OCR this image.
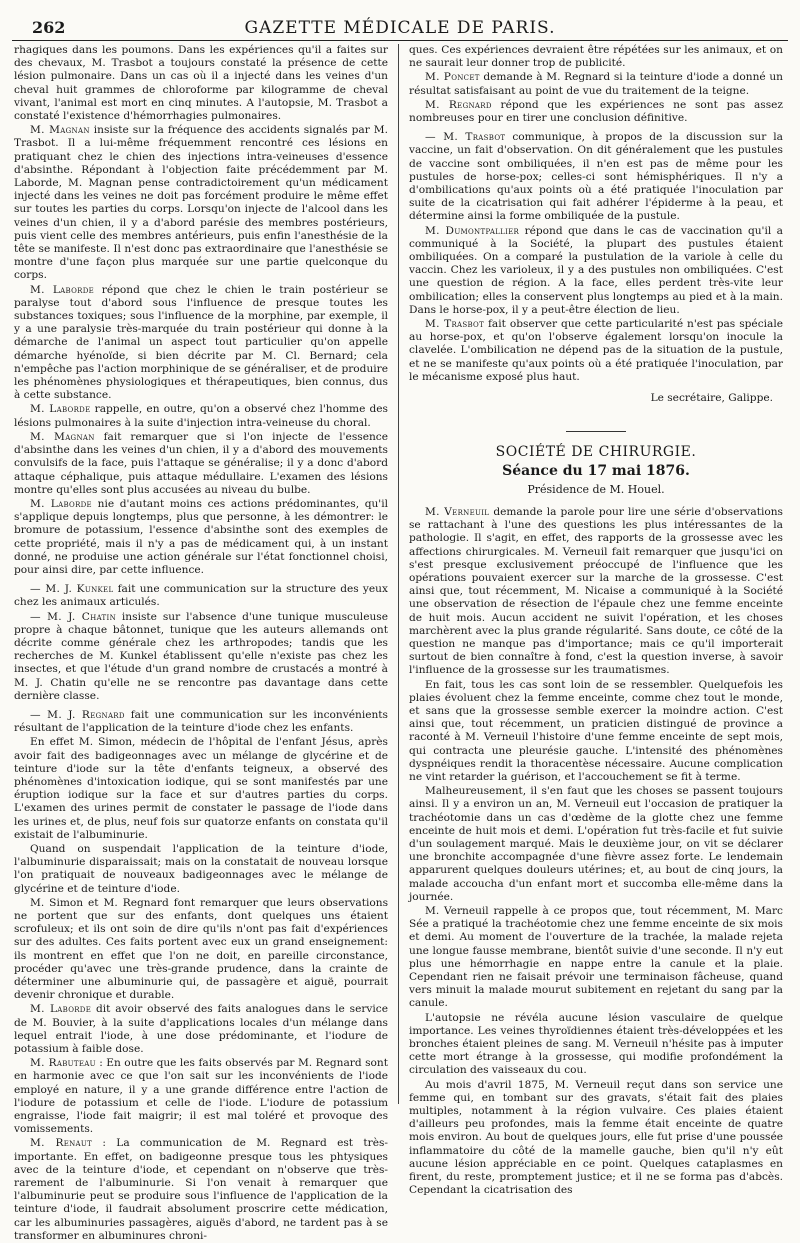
262	GAZETTE MÉDICALE DE PARIS.

rhagiques dans les poumons. Dans les expériences qu'il a faites sur des chevaux, M. Trasbot a toujours constaté la présence de cette lésion pulmonaire. Dans un cas où il a injecté dans les veines d'un cheval huit grammes de chloroforme par kilogramme de cheval vivant, l'animal est mort en cinq minutes. A l'autopsie, M. Trasbot a constaté l'existence d'hémorrhagies pulmonaires.

M. Magnan insiste sur la fréquence des accidents signalés par M. Trasbot. Il a lui-même fréquemment rencontré ces lésions en pratiquant chez le chien des injections intra-veineuses d'essence d'absinthe. Répondant à l'objection faite précédemment par M. Laborde, M. Magnan pense contradictoirement qu'un médicament injecté dans les veines ne doit pas forcément produire le même effet sur toutes les parties du corps. Lorsqu'on injecte de l'alcool dans les veines d'un chien, il y a d'abord parésie des membres postérieurs, puis vient celle des membres antérieurs, puis enfin l'anesthésie de la tête se manifeste. Il n'est donc pas extraordinaire que l'anesthésie se montre d'une façon plus marquée sur une partie quelconque du corps.

M. Laborde répond que chez le chien le train postérieur se paralyse tout d'abord sous l'influence de presque toutes les substances toxiques; sous l'influence de la morphine, par exemple, il y a une paralysie très-marquée du train postérieur qui donne à la démarche de l'animal un aspect tout particulier qu'on appelle démarche hyénoïde, si bien décrite par M. Cl. Bernard; cela n'empêche pas l'action morphinique de se généraliser, et de produire les phénomènes physiologiques et thérapeutiques, bien connus, dus à cette substance.

M. Laborde rappelle, en outre, qu'on a observé chez l'homme des lésions pulmonaires à la suite d'injection intra-veineuse du choral.

M. Magnan fait remarquer que si l'on injecte de l'essence d'absinthe dans les veines d'un chien, il y a d'abord des mouvements convulsifs de la face, puis l'attaque se généralise; il y a donc d'abord attaque céphalique, puis attaque médullaire. L'examen des lésions montre qu'elles sont plus accusées au niveau du bulbe.

M. Laborde nie d'autant moins ces actions prédominantes, qu'il s'applique depuis longtemps, plus que personne, à les démontrer: le bromure de potassium, l'essence d'absinthe sont des exemples de cette propriété, mais il n'y a pas de médicament qui, à un instant donné, ne produise une action générale sur l'état fonctionnel choisi, pour ainsi dire, par cette influence.

— M. J. Kunkel fait une communication sur la structure des yeux chez les animaux articulés.

— M. J. Chatin insiste sur l'absence d'une tunique musculeuse propre à chaque bâtonnet, tunique que les auteurs allemands ont décrite comme générale chez les arthropodes; tandis que les recherches de M. Kunkel établissent qu'elle n'existe pas chez les insectes, et que l'étude d'un grand nombre de crustacés a montré à M. J. Chatin qu'elle ne se rencontre pas davantage dans cette dernière classe.

— M. J. Regnard fait une communication sur les inconvénients résultant de l'application de la teinture d'iode chez les enfants.

En effet M. Simon, médecin de l'hôpital de l'enfant Jésus, après avoir fait des badigeonnages avec un mélange de glycérine et de teinture d'iode sur la tête d'enfants teigneux, a observé des phénomènes d'intoxication iodique, qui se sont manifestés par une éruption iodique sur la face et sur d'autres parties du corps. L'examen des urines permit de constater le passage de l'iode dans les urines et, de plus, neuf fois sur quatorze enfants on constata qu'il existait de l'albuminurie.

Quand on suspendait l'application de la teinture d'iode, l'albuminurie disparaissait; mais on la constatait de nouveau lorsque l'on pratiquait de nouveaux badigeonnages avec le mélange de glycérine et de teinture d'iode.

M. Simon et M. Regnard font remarquer que leurs observations ne portent que sur des enfants, dont quelques uns étaient scrofuleux; et ils ont soin de dire qu'ils n'ont pas fait d'expériences sur des adultes. Ces faits portent avec eux un grand enseignement: ils montrent en effet que l'on ne doit, en pareille circonstance, procéder qu'avec une très-grande prudence, dans la crainte de déterminer une albuminurie qui, de passagère et aiguë, pourrait devenir chronique et durable.

M. Laborde dit avoir observé des faits analogues dans le service de M. Bouvier, à la suite d'applications locales d'un mélange dans lequel entrait l'iode, à une dose prédominante, et l'iodure de potassium à faible dose.

M. Rabuteau : En outre que les faits observés par M. Regnard sont en harmonie avec ce que l'on sait sur les inconvénients de l'iode employé en nature, il y a une grande différence entre l'action de l'iodure de potassium et celle de l'iode. L'iodure de potassium engraisse, l'iode fait maigrir; il est mal toléré et provoque des vomissements.

M. Renaut : La communication de M. Regnard est très-importante. En effet, on badigeonne presque tous les phtysiques avec de la teinture d'iode, et cependant on n'observe que très-rarement de l'albuminurie. Si l'on venait à remarquer que l'albuminurie peut se produire sous l'influence de l'application de la teinture d'iode, il faudrait absolument proscrire cette médication, car les albuminuries passagères, aiguës d'abord, ne tardent pas à se transformer en albuminures chroni-

ques. Ces expériences devraient être répétées sur les animaux, et on ne saurait leur donner trop de publicité.

M. Poncet demande à M. Regnard si la teinture d'iode a donné un résultat satisfaisant au point de vue du traitement de la teigne.

M. Regnard répond que les expériences ne sont pas assez nombreuses pour en tirer une conclusion définitive.

— M. Trasbot communique, à propos de la discussion sur la vaccine, un fait d'observation. On dit généralement que les pustules de vaccine sont ombiliquées, il n'en est pas de même pour les pustules de horse-pox; celles-ci sont hémisphériques. Il n'y a d'ombilications qu'aux points où a été pratiquée l'inoculation par suite de la cicatrisation qui fait adhérer l'épiderme à la peau, et détermine ainsi la forme ombiliquée de la pustule.

M. Dumontpallier répond que dans le cas de vaccination qu'il a communiqué à la Société, la plupart des pustules étaient ombiliquées. On a comparé la pustulation de la variole à celle du vaccin. Chez les varioleux, il y a des pustules non ombiliquées. C'est une question de région. A la face, elles perdent très-vite leur ombilication; elles la conservent plus longtemps au pied et à la main. Dans le horse-pox, il y a peut-être élection de lieu.

M. Trasbot fait observer que cette particularité n'est pas spéciale au horse-pox, et qu'on l'observe également lorsqu'on inocule la clavelée. L'ombilication ne dépend pas de la situation de la pustule, et ne se manifeste qu'aux points où a été pratiquée l'inoculation, par le mécanisme exposé plus haut.

Le secrétaire, Galippe.

SOCIÉTÉ DE CHIRURGIE.
Séance du 17 mai 1876.
Présidence de M. Houel.

M. Verneuil demande la parole pour lire une série d'observations se rattachant à l'une des questions les plus intéressantes de la pathologie. Il s'agit, en effet, des rapports de la grossesse avec les affections chirurgicales. M. Verneuil fait remarquer que jusqu'ici on s'est presque exclusivement préoccupé de l'influence que les opérations pouvaient exercer sur la marche de la grossesse. C'est ainsi que, tout récemment, M. Nicaise a communiqué à la Société une observation de résection de l'épaule chez une femme enceinte de huit mois. Aucun accident ne suivit l'opération, et les choses marchèrent avec la plus grande régularité. Sans doute, ce côté de la question ne manque pas d'importance; mais ce qu'il importerait surtout de bien connaître à fond, c'est la question inverse, à savoir l'influence de la grossesse sur les traumatismes.

En fait, tous les cas sont loin de se ressembler. Quelquefois les plaies évoluent chez la femme enceinte, comme chez tout le monde, et sans que la grossesse semble exercer la moindre action. C'est ainsi que, tout récemment, un praticien distingué de province a raconté à M. Verneuil l'histoire d'une femme enceinte de sept mois, qui contracta une pleurésie gauche. L'intensité des phénomènes dyspnéiques rendit la thoracentèse nécessaire. Aucune complication ne vint retarder la guérison, et l'accouchement se fit à terme.

Malheureusement, il s'en faut que les choses se passent toujours ainsi. Il y a environ un an, M. Verneuil eut l'occasion de pratiquer la trachéotomie dans un cas d'œdème de la glotte chez une femme enceinte de huit mois et demi. L'opération fut très-facile et fut suivie d'un soulagement marqué. Mais le deuxième jour, on vit se déclarer une bronchite accompagnée d'une fièvre assez forte. Le lendemain apparurent quelques douleurs utérines; et, au bout de cinq jours, la malade accoucha d'un enfant mort et succomba elle-même dans la journée.

M. Verneuil rappelle à ce propos que, tout récemment, M. Marc Sée a pratiqué la trachéotomie chez une femme enceinte de six mois et demi. Au moment de l'ouverture de la trachée, la malade rejeta une longue fausse membrane, bientôt suivie d'une seconde. Il n'y eut plus une hémorrhagie en nappe entre la canule et la plaie. Cependant rien ne faisait prévoir une terminaison fâcheuse, quand vers minuit la malade mourut subitement en rejetant du sang par la canule.

L'autopsie ne révéla aucune lésion vasculaire de quelque importance. Les veines thyroïdiennes étaient très-développées et les bronches étaient pleines de sang. M. Verneuil n'hésite pas à imputer cette mort étrange à la grossesse, qui modifie profondément la circulation des vaisseaux du cou.

Au mois d'avril 1875, M. Verneuil reçut dans son service une femme qui, en tombant sur des gravats, s'était fait des plaies multiples, notamment à la région vulvaire. Ces plaies étaient d'ailleurs peu profondes, mais la femme était enceinte de quatre mois environ. Au bout de quelques jours, elle fut prise d'une poussée inflammatoire du côté de la mamelle gauche, bien qu'il n'y eût aucune lésion appréciable en ce point. Quelques cataplasmes en firent, du reste, promptement justice; et il ne se forma pas d'abcès. Cependant la cicatrisation des
